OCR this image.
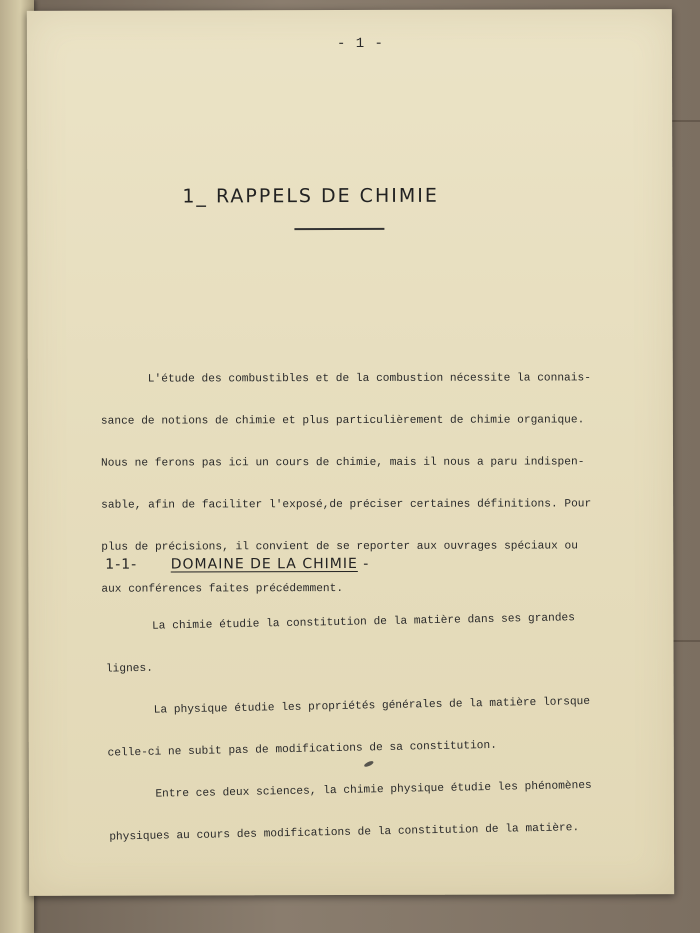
- 1 -
1_ RAPPELS DE CHIMIE

L'étude des combustibles et de la combustion nécessite la connais-

sance de notions de chimie et plus particulièrement de chimie organique.

Nous ne ferons pas ici un cours de chimie, mais il nous a paru indispen-

sable, afin de faciliter l'exposé,de préciser certaines définitions. Pour

plus de précisions, il convient de se reporter aux ouvrages spéciaux ou

aux conférences faites précédemment.

1-1- DOMAINE DE LA CHIMIE -

La chimie étudie la constitution de la matière dans ses grandes

lignes.

La physique étudie les propriétés générales de la matière lorsque

celle-ci ne subit pas de modifications de sa constitution.

Entre ces deux sciences, la chimie physique étudie les phénomènes

physiques au cours des modifications de la constitution de la matière.
